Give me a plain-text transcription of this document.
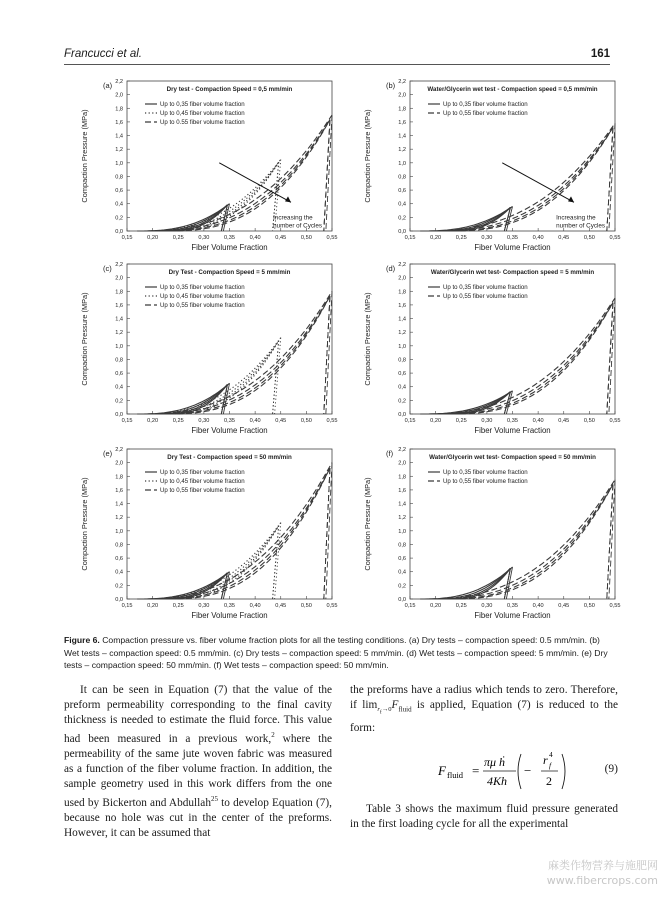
Francucci et al.	161
(a)
0,0
0,2
0,4
0,6
0,8
1,0
1,2
1,4
1,6
1,8
2,0
2,2
0,15	0,20	0,25	0,30	0,35	0,40	0,45	0,50	0,55
Fiber Volume Fraction
Compaction Pressure (MPa)
Dry test - Compaction Speed = 0,5 mm/min
Up to 0,35 fiber volume fraction
Up to 0,45 fiber volume fraction
Up to 0.55 fiber volume fraction
Increasing the
number of Cycles
(b)
0,0
0,2
0,4
0,6
0,8
1,0
1,2
1,4
1,6
1,8
2,0
2,2
0,15	0,20	0,25	0,30	0,35	0,40	0,45	0,50	0,55
Fiber Volume Fraction
Compaction Pressure (MPa)
Water/Glycerin wet test - Compaction speed = 0,5 mm/min
Up to 0,35 fiber volume fraction
Up to 0,55 fiber volume fraction
Increasing the
number of Cycles
(c)
0,0
0,2
0,4
0,6
0,8
1,0
1,2
1,4
1,6
1,8
2,0
2,2
0,15	0,20	0,25	0,30	0,35	0,40	0,45	0,50	0,55
Fiber Volume Fraction
Compaction Pressure (MPa)
Dry Test - Compaction Speed = 5 mm/min
Up to 0,35 fiber volume fraction
Up to 0,45 fiber volume fraction
Up to 0,55 fiber volume fraction
(d)
0,0
0,2
0,4
0,6
0,8
1,0
1,2
1,4
1,6
1,8
2,0
2,2
0,15	0,20	0,25	0,30	0,35	0,40	0,45	0,50	0,55
Fiber Volume Fraction
Compaction Pressure (MPa)
Water/Glycerin wet test- Compaction speed = 5 mm/min
Up to 0,35 fiber volume fraction
Up to 0,55 fiber volume fraction
(e)
0,0
0,2
0,4
0,6
0,8
1,0
1,2
1,4
1,6
1,8
2,0
2,2
0,15	0,20	0,25	0,30	0,35	0,40	0,45	0,50	0,55
Fiber Volume Fraction
Compaction Pressure (MPa)
Dry Test - Compaction speed = 50 mm/min
Up to 0,35 fiber volume fraction
Up to 0,45 fiber volume fraction
Up to 0,55 fiber volume fraction
(f)
0,0
0,2
0,4
0,6
0,8
1,0
1,2
1,4
1,6
1,8
2,0
2,2
0,15	0,20	0,25	0,30	0,35	0,40	0,45	0,50	0,55
Fiber Volume Fraction
Compaction Pressure (MPa)
Water/Glycerin wet test- Compaction speed = 50 mm/min
Up to 0,35 fiber volume fraction
Up to 0,55 fiber volume fraction
Figure 6. Compaction pressure vs. fiber volume fraction plots for all the testing conditions. (a) Dry tests – compaction speed: 0.5 mm/min. (b) Wet tests – compaction speed: 0.5 mm/min. (c) Dry tests – compaction speed: 5 mm/min. (d) Wet tests – compaction speed: 5 mm/min. (e) Dry tests – compaction speed: 50 mm/min. (f) Wet tests – compaction speed: 50 mm/min.

It can be seen in Equation (7) that the value of the preform permeability corresponding to the final cavity thickness is needed to estimate the fluid force. This value had been measured in a previous work,$^2$ where the permeability of the same jute woven fabric was measured as a function of the fiber volume fraction. In addition, the sample geometry used in this work differs from the one used by Bickerton and Abdullah$^{25}$ to develop Equation (7), because no hole was cut in the center of the preforms. However, it can be assumed that

the preforms have a radius which tends to zero. Therefore, if $\lim_{r_f\to 0}F_{fluid}$ is applied, Equation (7) is reduced to the form:

F fluid =
πμ ḣ
4Kh
−
r 4
f
2
(9)

Table 3 shows the maximum fluid pressure generated in the first loading cycle for all the experimental

麻类作物营养与施肥网
www.fibercrops.com
